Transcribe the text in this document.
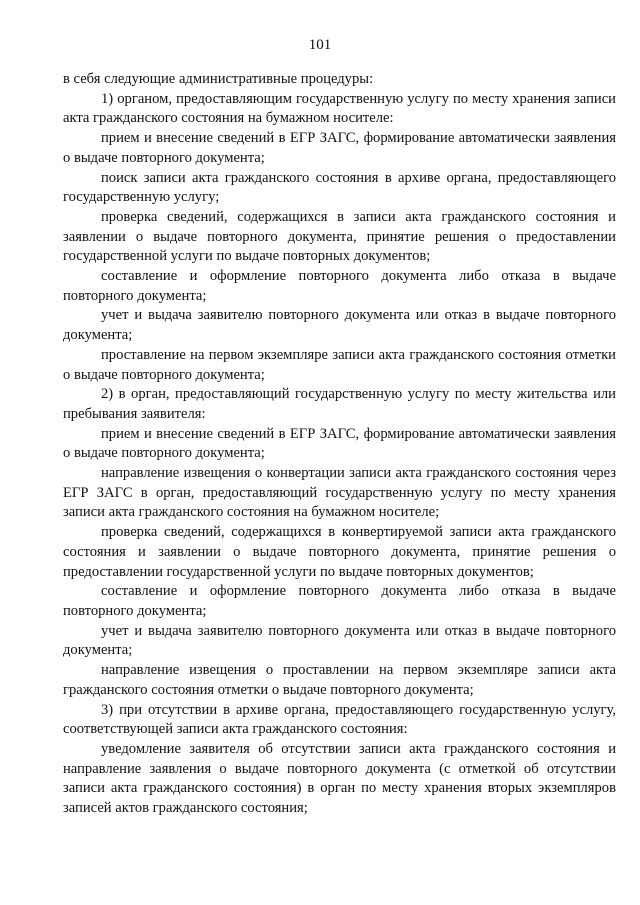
101

в себя следующие административные процедуры:

1) органом, предоставляющим государственную услугу по месту хранения записи акта гражданского состояния на бумажном носителе:

прием и внесение сведений в ЕГР ЗАГС, формирование автоматически заявления о выдаче повторного документа;

поиск записи акта гражданского состояния в архиве органа, предоставляющего государственную услугу;

проверка сведений, содержащихся в записи акта гражданского состояния и заявлении о выдаче повторного документа, принятие решения о предоставлении государственной услуги по выдаче повторных документов;

составление и оформление повторного документа либо отказа в выдаче повторного документа;

учет и выдача заявителю повторного документа или отказ в выдаче повторного документа;

проставление на первом экземпляре записи акта гражданского состояния отметки о выдаче повторного документа;

2) в орган, предоставляющий государственную услугу по месту жительства или пребывания заявителя:

прием и внесение сведений в ЕГР ЗАГС, формирование автоматически заявления о выдаче повторного документа;

направление извещения о конвертации записи акта гражданского состояния через ЕГР ЗАГС в орган, предоставляющий государственную услугу по месту хранения записи акта гражданского состояния на бумажном носителе;

проверка сведений, содержащихся в конвертируемой записи акта гражданского состояния и заявлении о выдаче повторного документа, принятие решения о предоставлении государственной услуги по выдаче повторных документов;

составление и оформление повторного документа либо отказа в выдаче повторного документа;

учет и выдача заявителю повторного документа или отказ в выдаче повторного документа;

направление извещения о проставлении на первом экземпляре записи акта гражданского состояния отметки о выдаче повторного документа;

3) при отсутствии в архиве органа, предоставляющего государственную услугу, соответствующей записи акта гражданского состояния:

уведомление заявителя об отсутствии записи акта гражданского состояния и направление заявления о выдаче повторного документа (с отметкой об отсутствии записи акта гражданского состояния) в орган по месту хранения вторых экземпляров записей актов гражданского состояния;
